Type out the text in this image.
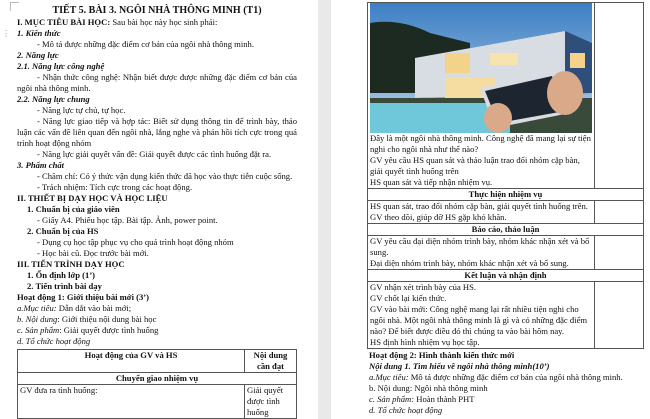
⋮
TIẾT 5. BÀI 3. NGÔI NHÀ THÔNG MINH (T1)
I. MỤC TIÊU BÀI HỌC: Sau bài học này học sinh phải:
1. Kiến thức
- Mô tả được những đặc điểm cơ bản của ngôi nhà thông minh.
2. Năng lực
2.1. Năng lực công nghệ
- Nhận thức công nghệ: Nhận biết được được những đặc điểm cơ bản của ngôi nhà thông minh.
2.2. Năng lực chung
- Năng lực tự chủ, tự học.
- Năng lực giao tiếp và hợp tác: Biết sử dụng thông tin để trình bày, thảo luận các vấn đề liên quan đến ngôi nhà, lắng nghe và phản hồi tích cực trong quá trình hoạt động nhóm
- Năng lực giải quyết vấn đề: Giải quyết được các tình huống đặt ra.
3. Phẩm chất
- Chăm chỉ: Có ý thức vận dụng kiến thức đã học vào thực tiễn cuộc sống.
- Trách nhiệm: Tích cực trong các hoạt động.
II. THIẾT BỊ DẠY HỌC VÀ HỌC LIỆU
1. Chuẩn bị của giáo viên
- Giấy A4. Phiếu học tập. Bài tập. Ảnh, power point.
2. Chuẩn bị của HS
- Dụng cụ học tập phục vụ cho quá trình hoạt động nhóm
- Học bài cũ. Đọc trước bài mới.
III. TIẾN TRÌNH DẠY HỌC
1. Ổn định lớp (1’)
2. Tiến trình bài dạy
Hoạt động 1: Giới thiệu bài mới (3’)
a.Mục tiêu: Dẫn dắt vào bài mới;
b. Nội dung: Giới thiệu nội dung bài học
c. Sản phẩm: Giải quyết được tình huống
d. Tổ chức hoạt động
Hoạt động của GV và HS	Nội dung cần đạt
Chuyển giao nhiệm vụ	
GV đưa ra tình huống:	Giải quyết được tình huống
Đây là một ngôi nhà thông minh. Công nghệ đã mang lại sự tiện nghi cho ngôi nhà như thế nào?
GV yêu cầu HS quan sát và thảo luận trao đổi nhóm cặp bàn, giải quyết tình huống trên
HS quan sát và tiếp nhận nhiệm vụ.	

Thực hiện nhiệm vụ	

HS quan sát, trao đổi nhóm cặp bàn, giải quyết tình huống trên.
GV theo dõi, giúp đỡ HS gặp khó khăn.	

Báo cáo, thảo luận	

GV yêu cầu đại diện nhóm trình bày, nhóm khác nhận xét và bổ sung.
Đại diện nhóm trình bày, nhóm khác nhận xét và bổ sung.	

Kết luận và nhận định	

GV nhận xét trình bày của HS.
GV chốt lại kiến thức.
GV vào bài mới: Công nghệ mang lại rất nhiều tiện nghi cho ngôi nhà. Một ngôi nhà thông minh là gì và có những đặc điểm nào? Để biết được điều đó thì chúng ta vào bài hôm nay.
HS định hình nhiệm vụ học tập.	

Hoạt động 2: Hình thành kiến thức mới
Nội dung 1. Tìm hiểu về ngôi nhà thông minh(10’)
a.Mục tiêu: Mô tả được những đặc điểm cơ bản của ngôi nhà thông minh.
b. Nội dung: Ngôi nhà thông minh
c. Sản phẩm: Hoàn thành PHT
d. Tổ chức hoạt động
